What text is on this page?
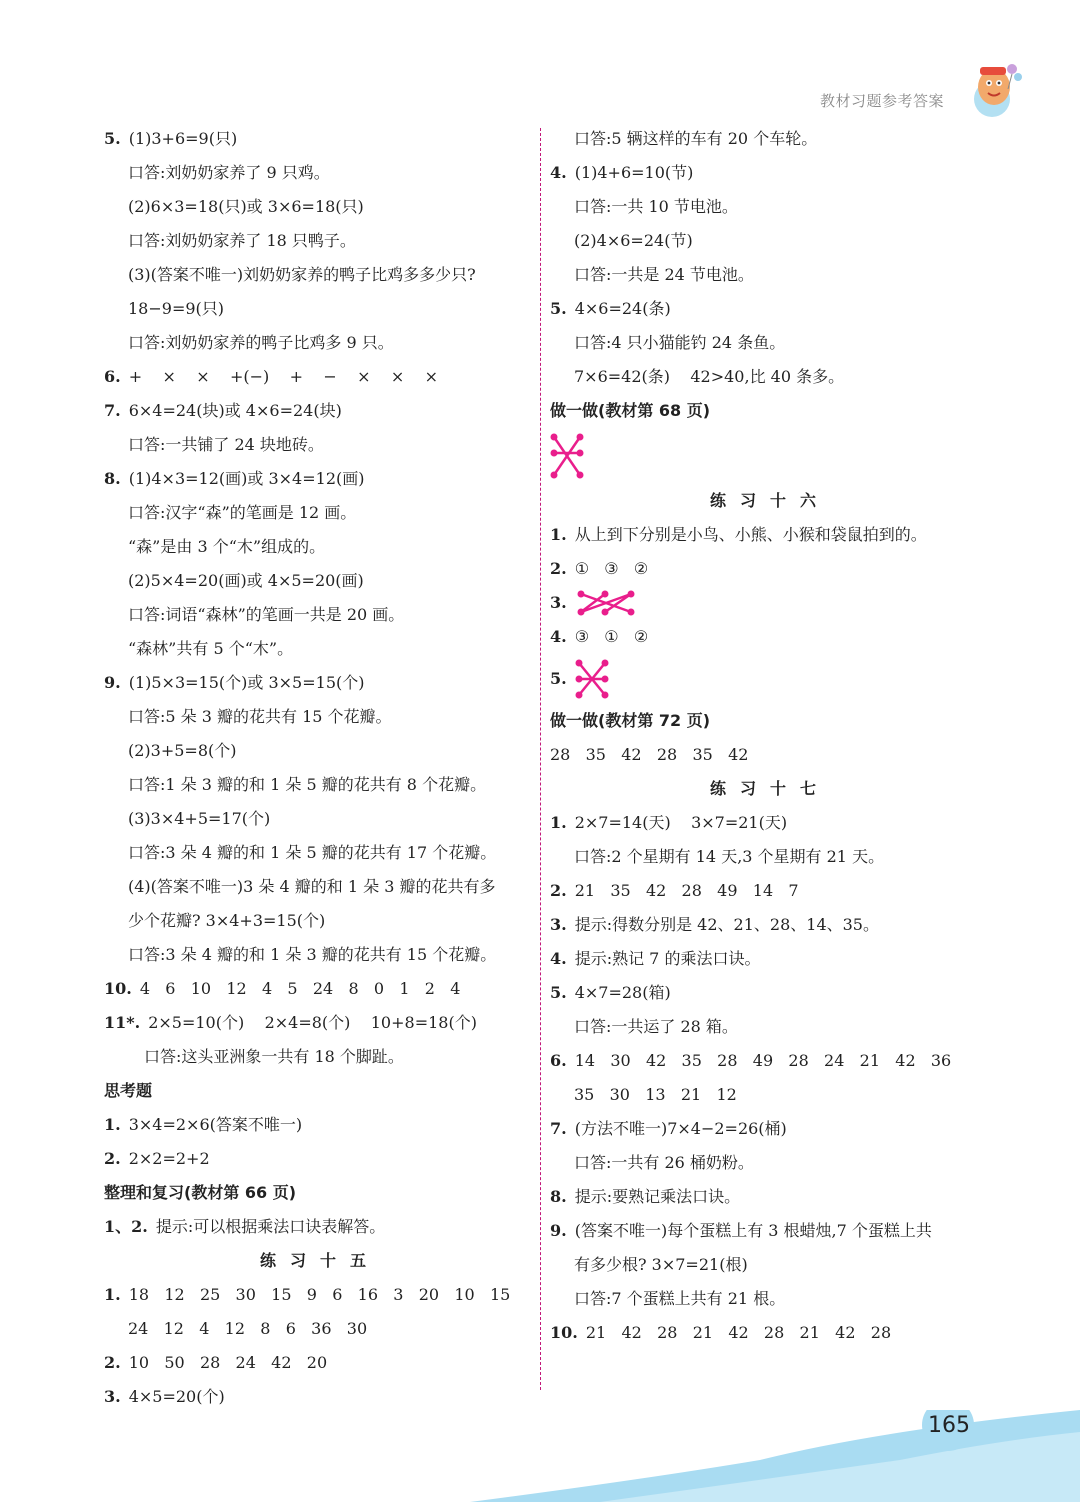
教材习题参考答案
5. (1)3+6=9(只)
口答:刘奶奶家养了 9 只鸡。
(2)6×3=18(只)或 3×6=18(只)
口答:刘奶奶家养了 18 只鸭子。
(3)(答案不唯一)刘奶奶家养的鸭子比鸡多多少只?
18−9=9(只)
口答:刘奶奶家养的鸭子比鸡多 9 只。
6. +    ×    ×    +(−)    +    −    ×    ×    ×
7. 6×4=24(块)或 4×6=24(块)
口答:一共铺了 24 块地砖。
8. (1)4×3=12(画)或 3×4=12(画)
口答:汉字“森”的笔画是 12 画。
“森”是由 3 个“木”组成的。
(2)5×4=20(画)或 4×5=20(画)
口答:词语“森林”的笔画一共是 20 画。
“森林”共有 5 个“木”。
9. (1)5×3=15(个)或 3×5=15(个)
口答:5 朵 3 瓣的花共有 15 个花瓣。
(2)3+5=8(个)
口答:1 朵 3 瓣的和 1 朵 5 瓣的花共有 8 个花瓣。
(3)3×4+5=17(个)
口答:3 朵 4 瓣的和 1 朵 5 瓣的花共有 17 个花瓣。
(4)(答案不唯一)3 朵 4 瓣的和 1 朵 3 瓣的花共有多
少个花瓣? 3×4+3=15(个)
口答:3 朵 4 瓣的和 1 朵 3 瓣的花共有 15 个花瓣。
10. 4   6   10   12   4   5   24   8   0   1   2   4
11*. 2×5=10(个)    2×4=8(个)    10+8=18(个)
口答:这头亚洲象一共有 18 个脚趾。
思考题
1. 3×4=2×6(答案不唯一)
2. 2×2=2+2
整理和复习(教材第 66 页)
1、2. 提示:可以根据乘法口诀表解答。
练习十五
1. 18   12   25   30   15   9   6   16   3   20   10   15
24   12   4   12   8   6   36   30
2. 10   50   28   24   42   20
3. 4×5=20(个)
口答:5 辆这样的车有 20 个车轮。
4. (1)4+6=10(节)
口答:一共 10 节电池。
(2)4×6=24(节)
口答:一共是 24 节电池。
5. 4×6=24(条)
口答:4 只小猫能钓 24 条鱼。
7×6=42(条)    42>40,比 40 条多。
做一做(教材第 68 页)
练习十六
1. 从上到下分别是小鸟、小熊、小猴和袋鼠拍到的。
2. ①   ③   ②
3.
4. ③   ①   ②
5.
做一做(教材第 72 页)
28   35   42   28   35   42
练习十七
1. 2×7=14(天)    3×7=21(天)
口答:2 个星期有 14 天,3 个星期有 21 天。
2. 21   35   42   28   49   14   7
3. 提示:得数分别是 42、21、28、14、35。
4. 提示:熟记 7 的乘法口诀。
5. 4×7=28(箱)
口答:一共运了 28 箱。
6. 14   30   42   35   28   49   28   24   21   42   36
35   30   13   21   12
7. (方法不唯一)7×4−2=26(桶)
口答:一共有 26 桶奶粉。
8. 提示:要熟记乘法口诀。
9. (答案不唯一)每个蛋糕上有 3 根蜡烛,7 个蛋糕上共
有多少根? 3×7=21(根)
口答:7 个蛋糕上共有 21 根。
10. 21   42   28   21   42   28   21   42   28
165
